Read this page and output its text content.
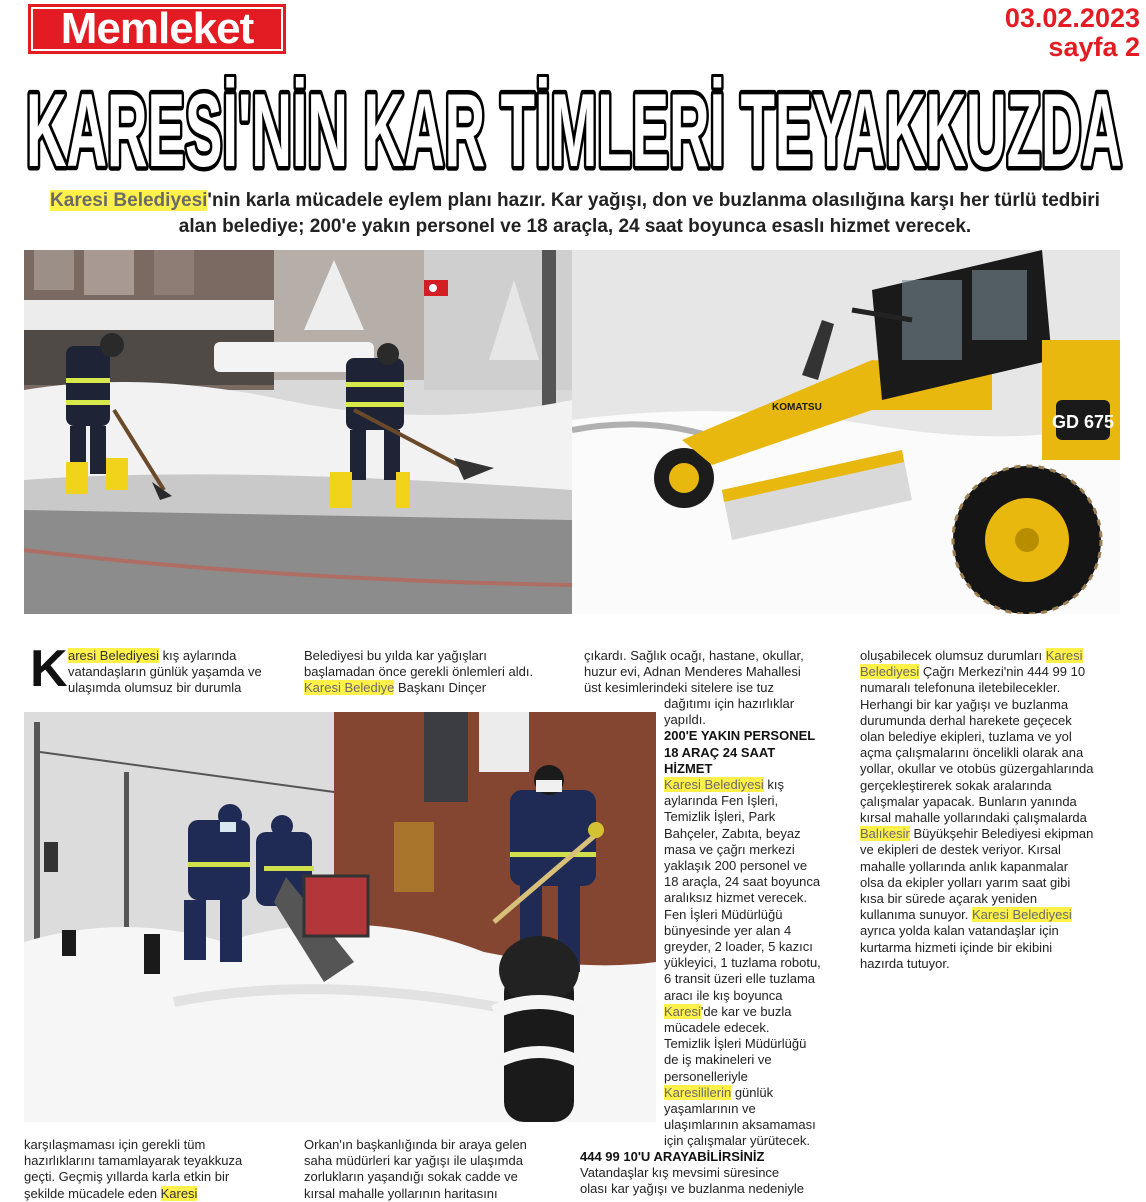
Memleket	03.02.2023
sayfa 2
KARESİ'NİN KAR TİMLERİ TEYAKKUZDA
Karesi Belediyesi'nin karla mücadele eylem planı hazır. Kar yağışı, don ve buzlanma olasılığına karşı her türlü tedbiri alan belediye; 200'e yakın personel ve 18 araçla, 24 saat boyunca esaslı hizmet verecek.
GD 675
KOMATSU
K aresi Belediyesi kış aylarında

vatandaşların günlük yaşamda ve

ulaşımda olumsuz bir durumla

karşılaşmaması için gerekli tüm

hazırlıklarını tamamlayarak teyakkuza

geçti. Geçmiş yıllarda karla etkin bir

şekilde mücadele eden Karesi

Belediyesi bu yılda kar yağışları

başlamadan önce gerekli önlemleri aldı.

Karesi Belediye Başkanı Dinçer

Orkan'ın başkanlığında bir araya gelen

saha müdürleri kar yağışı ile ulaşımda

zorlukların yaşandığı sokak cadde ve

kırsal mahalle yollarının haritasını

çıkardı. Sağlık ocağı, hastane, okullar,

huzur evi, Adnan Menderes Mahallesi

üst kesimlerindeki sitelere ise tuz

dağıtımı için hazırlıklar

yapıldı.

200'E YAKIN PERSONEL

18 ARAÇ 24 SAAT

HİZMET

Karesi Belediyesi kış

aylarında Fen İşleri,

Temizlik İşleri, Park

Bahçeler, Zabıta, beyaz

masa ve çağrı merkezi

yaklaşık 200 personel ve

18 araçla, 24 saat boyunca

aralıksız hizmet verecek.

Fen İşleri Müdürlüğü

bünyesinde yer alan 4

greyder, 2 loader, 5 kazıcı

yükleyici, 1 tuzlama robotu,

6 transit üzeri elle tuzlama

aracı ile kış boyunca

Karesi'de kar ve buzla

mücadele edecek.

Temizlik İşleri Müdürlüğü

de iş makineleri ve

personelleriyle

Karesililerin günlük

yaşamlarının ve

ulaşımlarının aksamaması

için çalışmalar yürütecek.

444 99 10'U ARAYABİLİRSİNİZ

Vatandaşlar kış mevsimi süresince

olası kar yağışı ve buzlanma nedeniyle

oluşabilecek olumsuz durumları Karesi

Belediyesi Çağrı Merkezi'nin 444 99 10

numaralı telefonuna iletebilecekler.

Herhangi bir kar yağışı ve buzlanma

durumunda derhal harekete geçecek

olan belediye ekipleri, tuzlama ve yol

açma çalışmalarını öncelikli olarak ana

yollar, okullar ve otobüs güzergahlarında

gerçekleştirerek sokak aralarında

çalışmalar yapacak. Bunların yanında

kırsal mahalle yollarındaki çalışmalarda

Balıkesir Büyükşehir Belediyesi ekipman

ve ekipleri de destek veriyor. Kırsal

mahalle yollarında anlık kapanmalar

olsa da ekipler yolları yarım saat gibi

kısa bir sürede açarak yeniden

kullanıma sunuyor. Karesi Belediyesi

ayrıca yolda kalan vatandaşlar için

kurtarma hizmeti içinde bir ekibini

hazırda tutuyor.
